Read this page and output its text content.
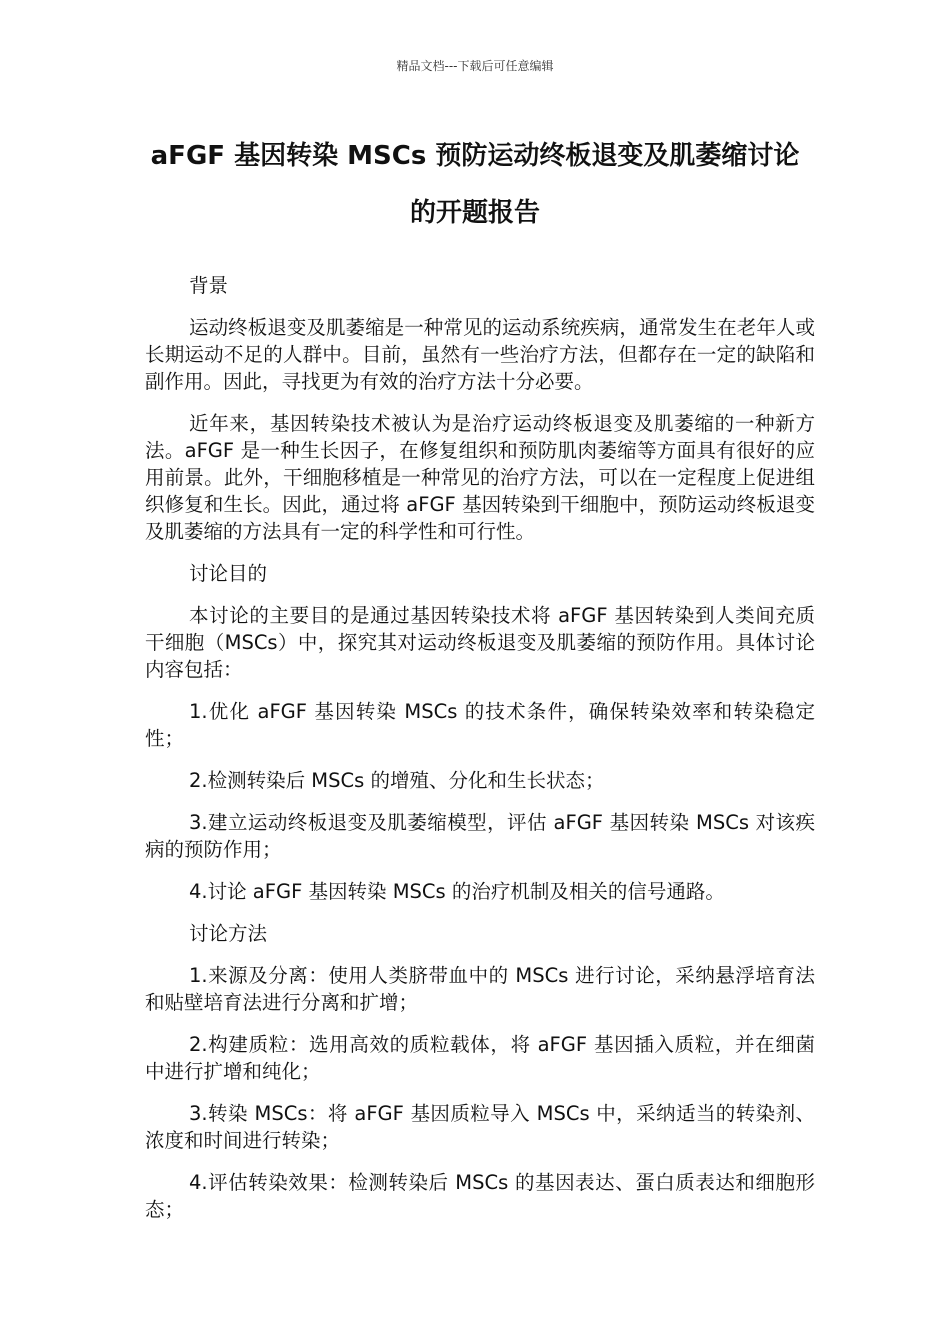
精品文档---下载后可任意编辑
aFGF 基因转染 MSCs 预防运动终板退变及肌萎缩讨论的开题报告

背景

运动终板退变及肌萎缩是一种常见的运动系统疾病，通常发生在老年人或长期运动不足的人群中。目前，虽然有一些治疗方法，但都存在一定的缺陷和副作用。因此，寻找更为有效的治疗方法十分必要。

近年来，基因转染技术被认为是治疗运动终板退变及肌萎缩的一种新方法。aFGF 是一种生长因子，在修复组织和预防肌肉萎缩等方面具有很好的应用前景。此外，干细胞移植是一种常见的治疗方法，可以在一定程度上促进组织修复和生长。因此，通过将 aFGF 基因转染到干细胞中，预防运动终板退变及肌萎缩的方法具有一定的科学性和可行性。

讨论目的

本讨论的主要目的是通过基因转染技术将 aFGF 基因转染到人类间充质干细胞（MSCs）中，探究其对运动终板退变及肌萎缩的预防作用。具体讨论内容包括：

1.优化 aFGF 基因转染 MSCs 的技术条件，确保转染效率和转染稳定性；

2.检测转染后 MSCs 的增殖、分化和生长状态；

3.建立运动终板退变及肌萎缩模型，评估 aFGF 基因转染 MSCs 对该疾病的预防作用；

4.讨论 aFGF 基因转染 MSCs 的治疗机制及相关的信号通路。

讨论方法

1.来源及分离：使用人类脐带血中的 MSCs 进行讨论，采纳悬浮培育法和贴壁培育法进行分离和扩增；

2.构建质粒：选用高效的质粒载体，将 aFGF 基因插入质粒，并在细菌中进行扩增和纯化；

3.转染 MSCs：将 aFGF 基因质粒导入 MSCs 中，采纳适当的转染剂、浓度和时间进行转染；

4.评估转染效果：检测转染后 MSCs 的基因表达、蛋白质表达和细胞形态；
